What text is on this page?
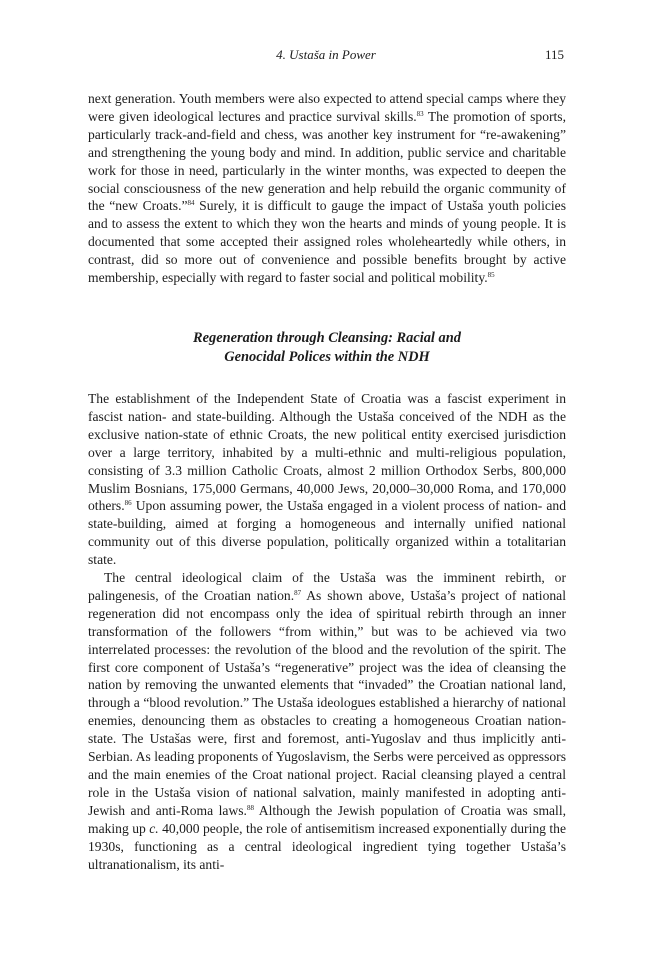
4. Ustaša in Power	115

next generation. Youth members were also expected to attend special camps where they were given ideological lectures and practice survival skills.$^{83}$ The promotion of sports, particularly track-and-field and chess, was another key instrument for “re-awakening” and strengthening the young body and mind. In addition, public service and charitable work for those in need, particularly in the winter months, was expected to deepen the social consciousness of the new generation and help rebuild the organic community of the “new Croats.”$^{84}$ Surely, it is difficult to gauge the impact of Ustaša youth policies and to assess the extent to which they won the hearts and minds of young people. It is documented that some accepted their assigned roles wholeheartedly while others, in contrast, did so more out of convenience and possible benefits brought by active membership, especially with regard to faster social and political mobility.$^{85}$

Regeneration through Cleansing: Racial and
Genocidal Polices within the NDH

The establishment of the Independent State of Croatia was a fascist experiment in fascist nation- and state-building. Although the Ustaša conceived of the NDH as the exclusive nation-state of ethnic Croats, the new political entity exercised jurisdiction over a large territory, inhabited by a multi-ethnic and multi-religious population, consisting of 3.3 million Catholic Croats, almost 2 million Orthodox Serbs, 800,000 Muslim Bosnians, 175,000 Germans, 40,000 Jews, 20,000–30,000 Roma, and 170,000 others.$^{86}$ Upon assuming power, the Ustaša engaged in a violent process of nation- and state-building, aimed at forging a homogeneous and internally unified national community out of this diverse population, politically organized within a totalitarian state.

The central ideological claim of the Ustaša was the imminent rebirth, or palingenesis, of the Croatian nation.$^{87}$ As shown above, Ustaša’s project of national regeneration did not encompass only the idea of spiritual rebirth through an inner transformation of the followers “from within,” but was to be achieved via two interrelated processes: the revolution of the blood and the revolution of the spirit. The first core component of Ustaša’s “regenerative” project was the idea of cleansing the nation by removing the unwanted elements that “invaded” the Croatian national land, through a “blood revolution.” The Ustaša ideologues established a hierarchy of national enemies, denouncing them as obstacles to creating a homogeneous Croatian nation-state. The Ustašas were, first and foremost, anti-Yugoslav and thus implicitly anti-Serbian. As leading proponents of Yugoslavism, the Serbs were perceived as oppressors and the main enemies of the Croat national project. Racial cleansing played a central role in the Ustaša vision of national salvation, mainly manifested in adopting anti-Jewish and anti-Roma laws.$^{88}$ Although the Jewish population of Croatia was small, making up c. 40,000 people, the role of antisemitism increased exponentially during the 1930s, functioning as a central ideological ingredient tying together Ustaša’s ultranationalism, its anti-
